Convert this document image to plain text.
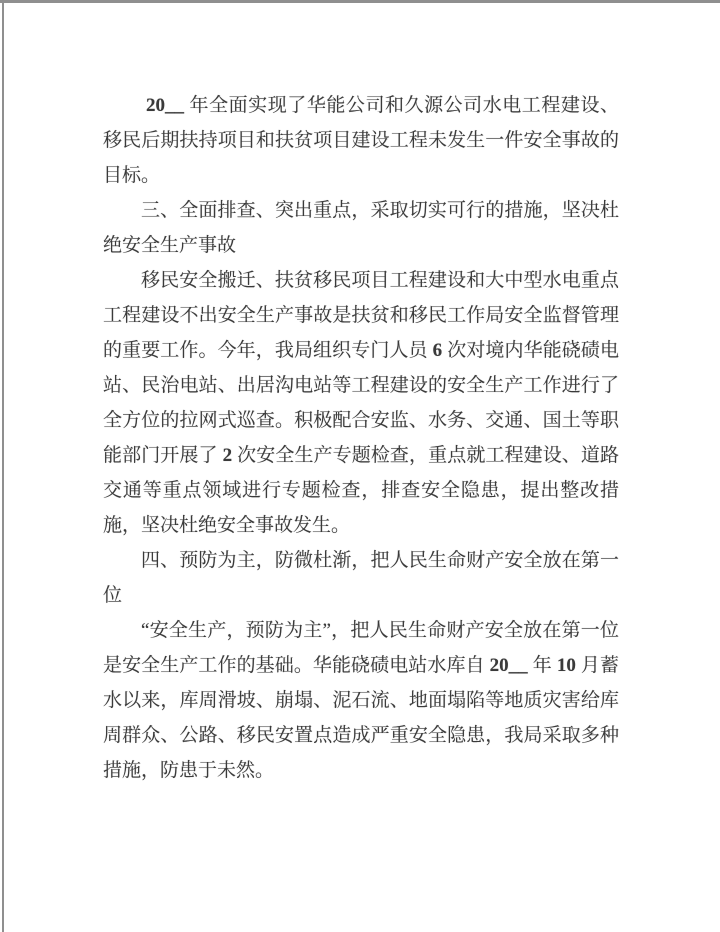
20__ 年全面实现了华能公司和久源公司水电工程建设、移民后期扶持项目和扶贫项目建设工程未发生一件安全事故的目标。

三、全面排查、突出重点，采取切实可行的措施，坚决杜绝安全生产事故

移民安全搬迁、扶贫移民项目工程建设和大中型水电重点工程建设不出安全生产事故是扶贫和移民工作局安全监督管理的重要工作。今年，我局组织专门人员 6 次对境内华能硗碛电站、民治电站、出居沟电站等工程建设的安全生产工作进行了全方位的拉网式巡查。积极配合安监、水务、交通、国土等职能部门开展了 2 次安全生产专题检查，重点就工程建设、道路交通等重点领域进行专题检查，排查安全隐患，提出整改措施，坚决杜绝安全事故发生。

四、预防为主，防微杜渐，把人民生命财产安全放在第一位

“安全生产，预防为主”，把人民生命财产安全放在第一位是安全生产工作的基础。华能硗碛电站水库自 20__ 年 10 月蓄水以来，库周滑坡、崩塌、泥石流、地面塌陷等地质灾害给库周群众、公路、移民安置点造成严重安全隐患，我局采取多种措施，防患于未然。
